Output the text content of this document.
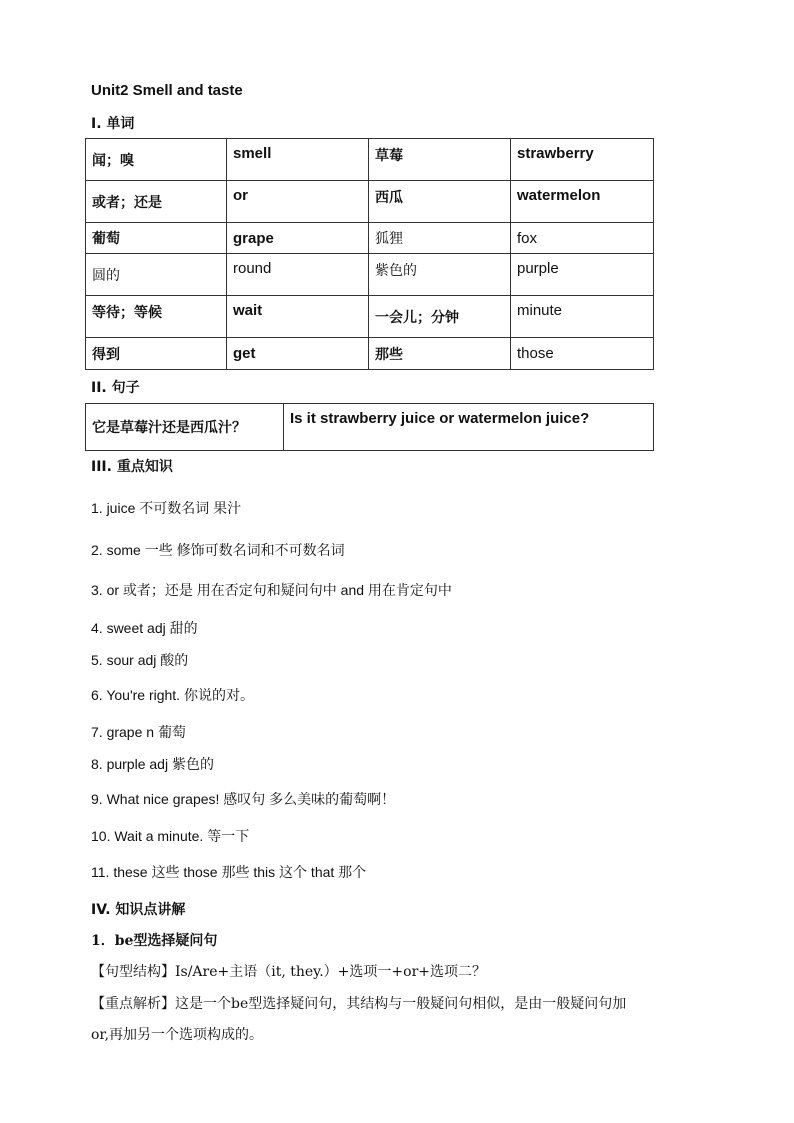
Unit2 Smell and taste
I. 单词
闻；嗅	smell	草莓	strawberry
或者；还是	or	西瓜	watermelon
葡萄	grape	狐狸	fox
圆的	round	紫色的	purple
等待；等候	wait	一会儿；分钟	minute
得到	get	那些	those
II. 句子
它是草莓汁还是西瓜汁？	Is it strawberry juice or watermelon juice?
III. 重点知识
1. juice 不可数名词 果汁
2. some 一些 修饰可数名词和不可数名词
3. or 或者；还是 用在否定句和疑问句中 and 用在肯定句中
4. sweet adj 甜的
5. sour adj 酸的
6. You're right. 你说的对。
7. grape n 葡萄
8. purple adj 紫色的
9. What nice grapes! 感叹句 多么美味的葡萄啊！
10. Wait a minute. 等一下
11. these 这些 those 那些 this 这个 that 那个
IV. 知识点讲解
1．be型选择疑问句
【句型结构】Is/Are+主语（it, they.）+选项一+or+选项二？
【重点解析】这是一个be型选择疑问句，其结构与一般疑问句相似，是由一般疑问句加
or,再加另一个选项构成的。
